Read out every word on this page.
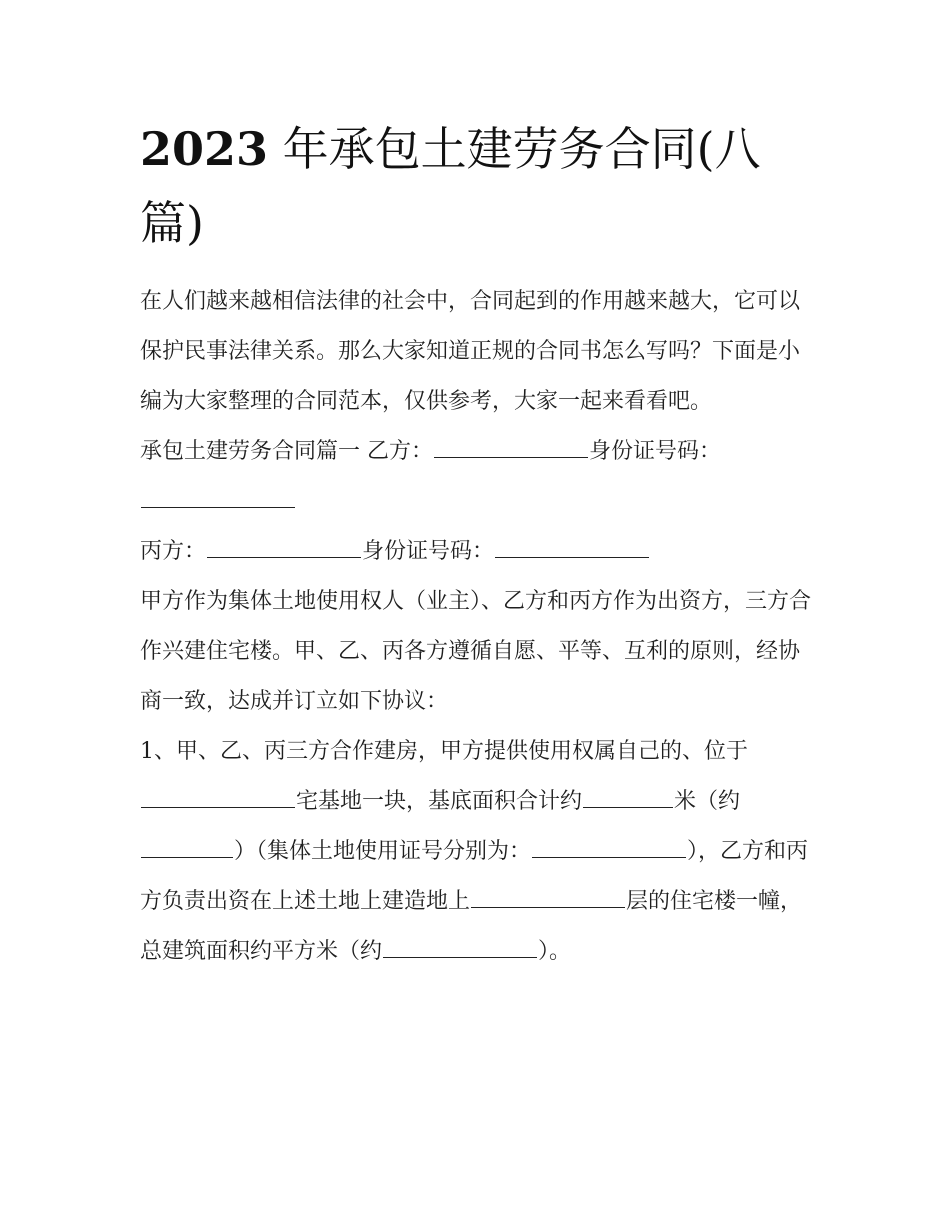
2023 年承包土建劳务合同(八篇)

在人们越来越相信法律的社会中，合同起到的作用越来越大，它可以保护民事法律关系。那么大家知道正规的合同书怎么写吗？下面是小编为大家整理的合同范本，仅供参考，大家一起来看看吧。

承包土建劳务合同篇一 乙方：	身份证号码：

丙方：	身份证号码：

甲方作为集体土地使用权人（业主）、乙方和丙方作为出资方，三方合作兴建住宅楼。甲、乙、丙各方遵循自愿、平等、互利的原则，经协商一致，达成并订立如下协议：

1、甲、乙、丙三方合作建房，甲方提供使用权属自己的、位于宅基地一块，基底面积合计约	米（约）（集体土地使用证号分别为：	），乙方和丙方负责出资在上述土地上建造地上	层的住宅楼一幢，总建筑面积约平方米（约	）。
